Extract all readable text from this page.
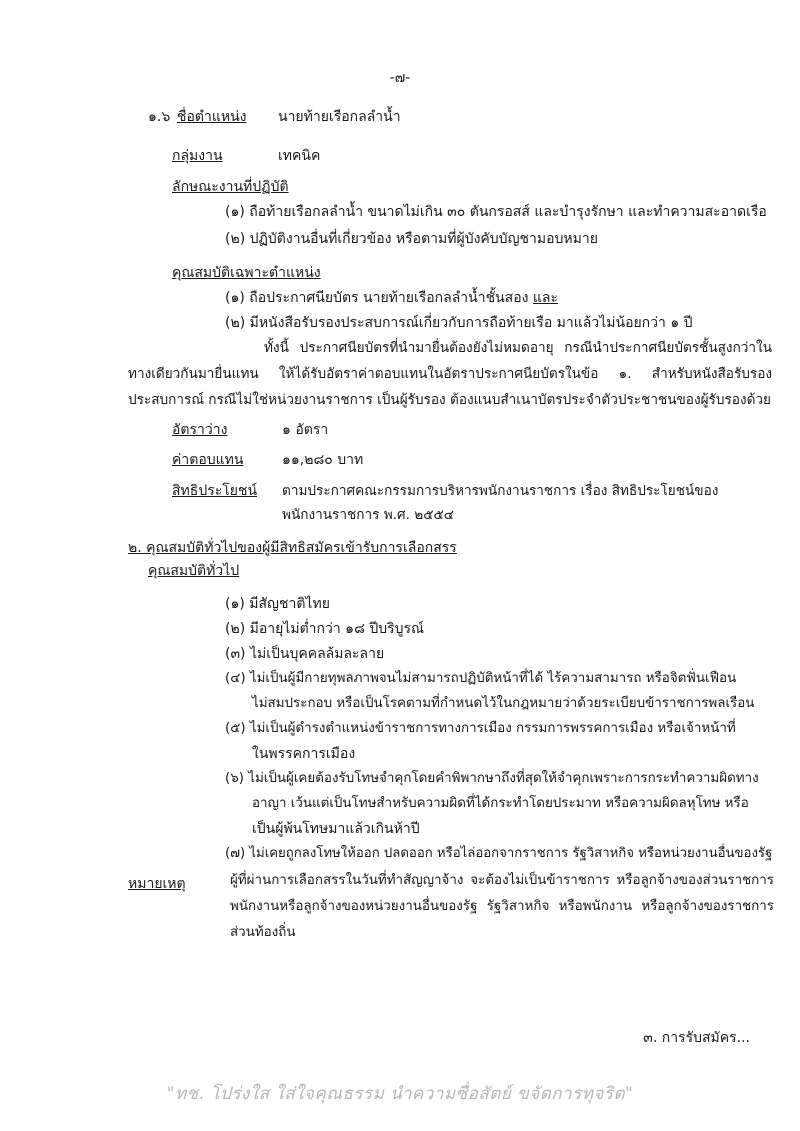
-๗-
๑.๖ ชื่อตำแหน่ง นายท้ายเรือกลลำน้ำ
กลุ่มงาน	เทคนิค
ลักษณะงานที่ปฏิบัติ
(๑) ถือท้ายเรือกลลำน้ำ ขนาดไม่เกิน ๓๐ ตันกรอสส์ และบำรุงรักษา และทำความสะอาดเรือ
(๒) ปฏิบัติงานอื่นที่เกี่ยวข้อง หรือตามที่ผู้บังคับบัญชามอบหมาย
คุณสมบัติเฉพาะตำแหน่ง
(๑) ถือประกาศนียบัตร นายท้ายเรือกลลำน้ำชั้นสอง และ
(๒) มีหนังสือรับรองประสบการณ์เกี่ยวกับการถือท้ายเรือ มาแล้วไม่น้อยกว่า ๑ ปี
ทั้งนี้ ประกาศนียบัตรที่นำมายื่นต้องยังไม่หมดอายุ กรณีนำประกาศนียบัตรชั้นสูงกว่าในทางเดียวกันมายื่นแทน ให้ได้รับอัตราค่าตอบแทนในอัตราประกาศนียบัตรในข้อ ๑. สำหรับหนังสือรับรองประสบการณ์ กรณีไม่ใช่หน่วยงานราชการ เป็นผู้รับรอง ต้องแนบสำเนาบัตรประจำตัวประชาชนของผู้รับรองด้วย
อัตราว่าง	๑ อัตรา
ค่าตอบแทน	๑๑,๒๘๐ บาท
สิทธิประโยชน์ ตามประกาศคณะกรรมการบริหารพนักงานราชการ เรื่อง สิทธิประโยชน์ของ
พนักงานราชการ พ.ศ. ๒๕๕๔
๒. คุณสมบัติทั่วไปของผู้มีสิทธิสมัครเข้ารับการเลือกสรร
คุณสมบัติทั่วไป
(๑) มีสัญชาติไทย
(๒) มีอายุไม่ต่ำกว่า ๑๘ ปีบริบูรณ์
(๓) ไม่เป็นบุคคลล้มละลาย
(๔) ไม่เป็นผู้มีกายทุพลภาพจนไม่สามารถปฏิบัติหน้าที่ได้ ไร้ความสามารถ หรือจิตฟั่นเฟือน
ไม่สมประกอบ หรือเป็นโรคตามที่กำหนดไว้ในกฎหมายว่าด้วยระเบียบข้าราชการพลเรือน
(๕) ไม่เป็นผู้ดำรงตำแหน่งข้าราชการทางการเมือง กรรมการพรรคการเมือง หรือเจ้าหน้าที่
ในพรรคการเมือง
(๖) ไม่เป็นผู้เคยต้องรับโทษจำคุกโดยคำพิพากษาถึงที่สุดให้จำคุกเพราะการกระทำความผิดทาง
อาญา เว้นแต่เป็นโทษสำหรับความผิดที่ได้กระทำโดยประมาท หรือความผิดลหุโทษ หรือ
เป็นผู้พ้นโทษมาแล้วเกินห้าปี
(๗) ไม่เคยถูกลงโทษให้ออก ปลดออก หรือไล่ออกจากราชการ รัฐวิสาหกิจ หรือหน่วยงานอื่นของรัฐ
หมายเหตุ	ผู้ที่ผ่านการเลือกสรรในวันที่ทำสัญญาจ้าง จะต้องไม่เป็นข้าราชการ หรือลูกจ้างของส่วนราชการ พนักงานหรือลูกจ้างของหน่วยงานอื่นของรัฐ รัฐวิสาหกิจ หรือพนักงาน หรือลูกจ้างของราชการส่วนท้องถิ่น
๓. การรับสมัคร...
"ทช. โปร่งใส ใส่ใจคุณธรรม นำความซื่อสัตย์ ขจัดการทุจริต"
